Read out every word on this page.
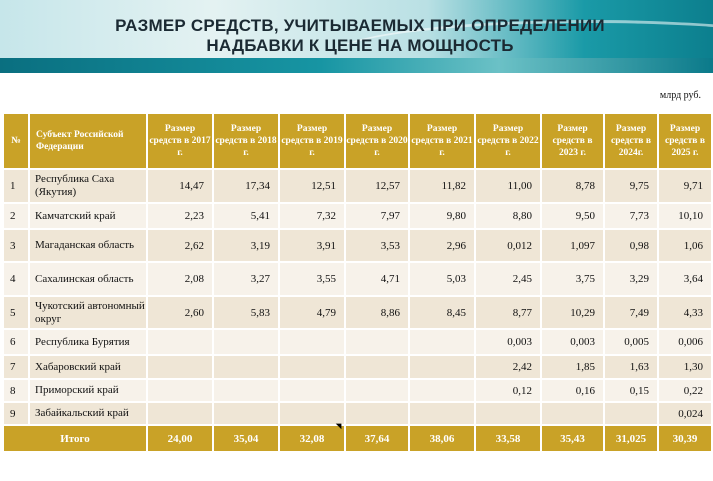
РАЗМЕР СРЕДСТВ, УЧИТЫВАЕМЫХ ПРИ ОПРЕДЕЛЕНИИ
НАДБАВКИ К ЦЕНЕ НА МОЩНОСТЬ
млрд руб.
№	Субъект Российской Федерации	Размер средств в 2017 г.	Размер средств в 2018 г.	Размер средств в 2019 г.	Размер средств в 2020 г.	Размер средств в 2021 г.	Размер средств в 2022 г.	Размер средств в 2023 г.	Размер средств в 2024г.	Размер средств в 2025 г.
1	Республика Саха (Якутия)	14,47	17,34	12,51	12,57	11,82	11,00	8,78	9,75	9,71
2	Камчатский край	2,23	5,41	7,32	7,97	9,80	8,80	9,50	7,73	10,10
3	Магаданская область	2,62	3,19	3,91	3,53	2,96	0,012	1,097	0,98	1,06
4	Сахалинская область	2,08	3,27	3,55	4,71	5,03	2,45	3,75	3,29	3,64
5	Чукотский автономный округ	2,60	5,83	4,79	8,86	8,45	8,77	10,29	7,49	4,33
6	Республика Бурятия						0,003	0,003	0,005	0,006
7	Хабаровский край						2,42	1,85	1,63	1,30
8	Приморский край						0,12	0,16	0,15	0,22
9	Забайкальский край									0,024
Итого		24,00	35,04	32,08	37,64	38,06	33,58	35,43	31,025	30,39
